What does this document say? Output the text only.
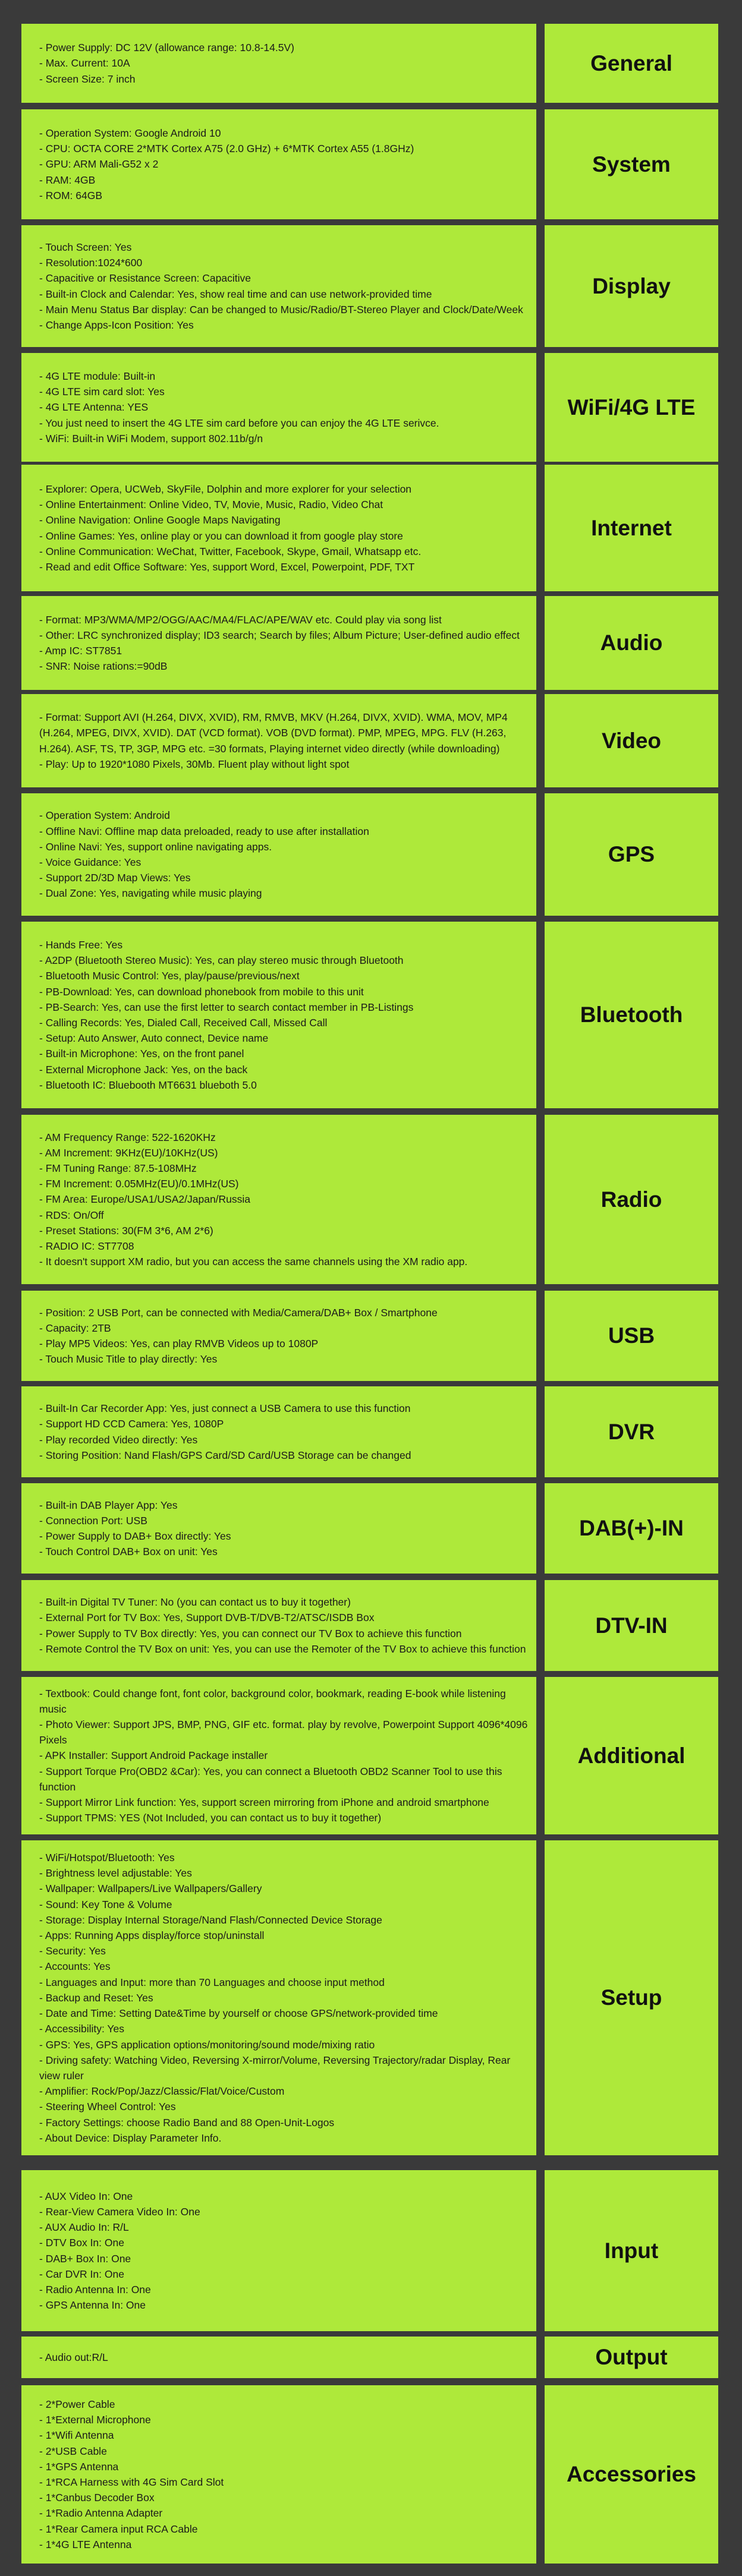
- Power Supply: DC 12V (allowance range: 10.8-14.5V)
- Max. Current: 10A
- Screen Size: 7 inch
General
- Operation System: Google Android 10
- CPU: OCTA CORE 2*MTK Cortex A75 (2.0 GHz) + 6*MTK Cortex A55 (1.8GHz)
- GPU: ARM Mali-G52 x 2
- RAM: 4GB
- ROM: 64GB
System
- Touch Screen: Yes
- Resolution:1024*600
- Capacitive or Resistance Screen: Capacitive
- Built-in Clock and Calendar: Yes, show real time and can use network-provided time
- Main Menu Status Bar display: Can be changed to Music/Radio/BT-Stereo Player and Clock/Date/Week
- Change Apps-Icon Position: Yes
Display
- 4G LTE module: Built-in
- 4G LTE sim card slot: Yes
- 4G LTE Antenna: YES
- You just need to insert the 4G LTE sim card before you can enjoy the 4G LTE serivce.
- WiFi: Built-in WiFi Modem, support 802.11b/g/n
WiFi/4G LTE
- Explorer: Opera, UCWeb, SkyFile, Dolphin and more explorer for your selection
- Online Entertainment: Online Video, TV, Movie, Music, Radio, Video Chat
- Online Navigation: Online Google Maps Navigating
- Online Games: Yes, online play or you can download it from google play store
- Online Communication: WeChat, Twitter, Facebook, Skype, Gmail, Whatsapp etc.
- Read and edit Office Software: Yes, support Word, Excel, Powerpoint, PDF, TXT
Internet
- Format: MP3/WMA/MP2/OGG/AAC/MA4/FLAC/APE/WAV etc. Could play via song list
- Other: LRC synchronized display; ID3 search; Search by files; Album Picture; User-defined audio effect
- Amp IC: ST7851
- SNR: Noise rations:=90dB
Audio
- Format: Support AVI (H.264, DIVX, XVID), RM, RMVB, MKV (H.264, DIVX, XVID). WMA, MOV, MP4 (H.264, MPEG, DIVX, XVID). DAT (VCD format). VOB (DVD format). PMP, MPEG, MPG. FLV (H.263, H.264). ASF, TS, TP, 3GP, MPG etc. =30 formats, Playing internet video directly (while downloading)
- Play: Up to 1920*1080 Pixels, 30Mb. Fluent play without light spot
Video
- Operation System: Android
- Offline Navi: Offline map data preloaded, ready to use after installation
- Online Navi: Yes, support online navigating apps.
- Voice Guidance: Yes
- Support 2D/3D Map Views: Yes
- Dual Zone: Yes, navigating while music playing
GPS
- Hands Free: Yes
- A2DP (Bluetooth Stereo Music): Yes, can play stereo music through Bluetooth
- Bluetooth Music Control: Yes, play/pause/previous/next
- PB-Download: Yes, can download phonebook from mobile to this unit
- PB-Search: Yes, can use the first letter to search contact member in PB-Listings
- Calling Records: Yes, Dialed Call, Received Call, Missed Call
- Setup: Auto Answer, Auto connect, Device name
- Built-in Microphone: Yes, on the front panel
- External Microphone Jack: Yes, on the back
- Bluetooth IC: Bluebooth MT6631 blueboth 5.0
Bluetooth
- AM Frequency Range: 522-1620KHz
- AM Increment: 9KHz(EU)/10KHz(US)
- FM Tuning Range: 87.5-108MHz
- FM Increment: 0.05MHz(EU)/0.1MHz(US)
- FM Area: Europe/USA1/USA2/Japan/Russia
- RDS: On/Off
- Preset Stations: 30(FM 3*6, AM 2*6)
- RADIO IC: ST7708
- It doesn't support XM radio, but you can access the same channels using the XM radio app.
Radio
- Position: 2 USB Port, can be connected with Media/Camera/DAB+ Box / Smartphone
- Capacity: 2TB
- Play MP5 Videos: Yes, can play RMVB Videos up to 1080P
- Touch Music Title to play directly: Yes
USB
- Built-In Car Recorder App: Yes, just connect a USB Camera to use this function
- Support HD CCD Camera: Yes, 1080P
- Play recorded Video directly: Yes
- Storing Position: Nand Flash/GPS Card/SD Card/USB Storage can be changed
DVR
- Built-in DAB Player App: Yes
- Connection Port: USB
- Power Supply to DAB+ Box directly: Yes
- Touch Control DAB+ Box on unit: Yes
DAB(+)-IN
- Built-in Digital TV Tuner: No (you can contact us to buy it together)
- External Port for TV Box: Yes, Support DVB-T/DVB-T2/ATSC/ISDB Box
- Power Supply to TV Box directly: Yes, you can connect our TV Box to achieve this function
- Remote Control the TV Box on unit: Yes, you can use the Remoter of the TV Box to achieve this function
DTV-IN
- Textbook: Could change font, font color, background color, bookmark, reading E-book while listening music
- Photo Viewer: Support JPS, BMP, PNG, GIF etc. format. play by revolve, Powerpoint Support 4096*4096 Pixels
- APK Installer: Support Android Package installer
- Support Torque Pro(OBD2 &Car): Yes, you can connect a Bluetooth OBD2 Scanner Tool to use this function
- Support Mirror Link function: Yes, support screen mirroring from iPhone and android smartphone
- Support TPMS: YES (Not Included, you can contact us to buy it together)
Additional
- WiFi/Hotspot/Bluetooth: Yes
- Brightness level adjustable: Yes
- Wallpaper: Wallpapers/Live Wallpapers/Gallery
- Sound: Key Tone & Volume
- Storage: Display Internal Storage/Nand Flash/Connected Device Storage
- Apps: Running Apps display/force stop/uninstall
- Security: Yes
- Accounts: Yes
- Languages and Input: more than 70 Languages and choose input method
- Backup and Reset: Yes
- Date and Time: Setting Date&Time by yourself or choose GPS/network-provided time
- Accessibility: Yes
- GPS: Yes, GPS application options/monitoring/sound mode/mixing ratio
- Driving safety: Watching Video, Reversing X-mirror/Volume, Reversing Trajectory/radar Display, Rear view ruler
- Amplifier: Rock/Pop/Jazz/Classic/Flat/Voice/Custom
- Steering Wheel Control: Yes
- Factory Settings: choose Radio Band and 88 Open-Unit-Logos
- About Device: Display Parameter Info.
Setup
- AUX Video In: One
- Rear-View Camera Video In: One
- AUX Audio In: R/L
- DTV Box In: One
- DAB+ Box In: One
- Car DVR In: One
- Radio Antenna In: One
- GPS Antenna In: One
Input
- Audio out:R/L	Output
- 2*Power Cable
- 1*External Microphone
- 1*Wifi Antenna
- 2*USB Cable
- 1*GPS Antenna
- 1*RCA Harness with 4G Sim Card Slot
- 1*Canbus Decoder Box
- 1*Radio Antenna Adapter
- 1*Rear Camera input RCA Cable
- 1*4G LTE Antenna
Accessories
